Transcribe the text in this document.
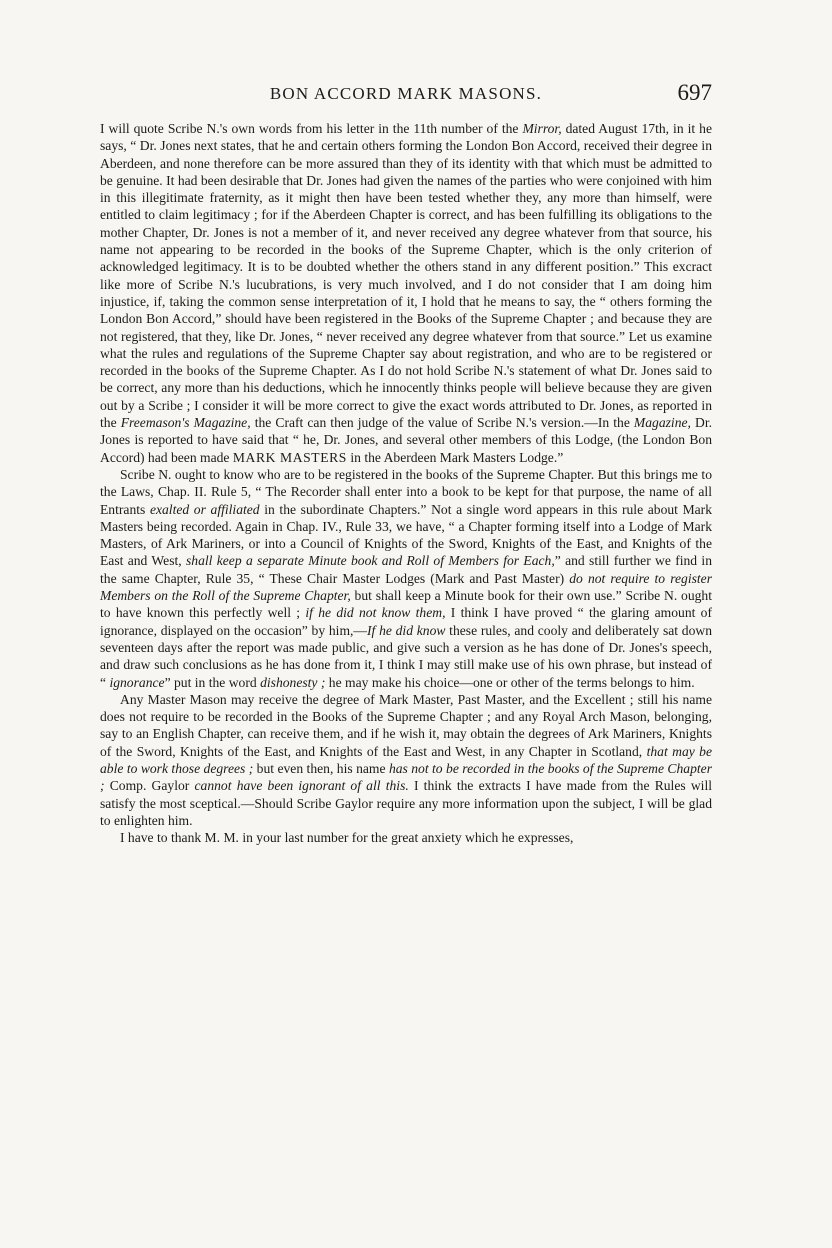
BON ACCORD MARK MASONS.	697

I will quote Scribe N.'s own words from his letter in the 11th number of the Mirror, dated August 17th, in it he says, “ Dr. Jones next states, that he and certain others forming the London Bon Accord, received their degree in Aberdeen, and none therefore can be more assured than they of its identity with that which must be admitted to be genuine. It had been desirable that Dr. Jones had given the names of the parties who were conjoined with him in this illegitimate fraternity, as it might then have been tested whether they, any more than himself, were entitled to claim legitimacy ; for if the Aberdeen Chapter is correct, and has been fulfilling its obligations to the mother Chapter, Dr. Jones is not a member of it, and never received any degree whatever from that source, his name not appearing to be recorded in the books of the Supreme Chapter, which is the only criterion of acknowledged legitimacy. It is to be doubted whether the others stand in any different position.” This excract like more of Scribe N.'s lucubrations, is very much involved, and I do not consider that I am doing him injustice, if, taking the common sense interpretation of it, I hold that he means to say, the “ others forming the London Bon Accord,” should have been registered in the Books of the Supreme Chapter ; and because they are not registered, that they, like Dr. Jones, “ never received any degree whatever from that source.” Let us examine what the rules and regulations of the Supreme Chapter say about registration, and who are to be registered or recorded in the books of the Supreme Chapter. As I do not hold Scribe N.'s statement of what Dr. Jones said to be correct, any more than his deductions, which he innocently thinks people will believe because they are given out by a Scribe ; I consider it will be more correct to give the exact words attributed to Dr. Jones, as reported in the Freemason's Magazine, the Craft can then judge of the value of Scribe N.'s version.—In the Magazine, Dr. Jones is reported to have said that “ he, Dr. Jones, and several other members of this Lodge, (the London Bon Accord) had been made MARK MASTERS in the Aberdeen Mark Masters Lodge.”

Scribe N. ought to know who are to be registered in the books of the Supreme Chapter. But this brings me to the Laws, Chap. II. Rule 5, “ The Recorder shall enter into a book to be kept for that purpose, the name of all Entrants exalted or affiliated in the subordinate Chapters.” Not a single word appears in this rule about Mark Masters being recorded. Again in Chap. IV., Rule 33, we have, “ a Chapter forming itself into a Lodge of Mark Masters, of Ark Mariners, or into a Council of Knights of the Sword, Knights of the East, and Knights of the East and West, shall keep a separate Minute book and Roll of Members for Each,” and still further we find in the same Chapter, Rule 35, “ These Chair Master Lodges (Mark and Past Master) do not require to register Members on the Roll of the Supreme Chapter, but shall keep a Minute book for their own use.” Scribe N. ought to have known this perfectly well ; if he did not know them, I think I have proved “ the glaring amount of ignorance, displayed on the occasion” by him,—If he did know these rules, and cooly and deliberately sat down seventeen days after the report was made public, and give such a version as he has done of Dr. Jones's speech, and draw such conclusions as he has done from it, I think I may still make use of his own phrase, but instead of “ ignorance” put in the word dishonesty ; he may make his choice—one or other of the terms belongs to him.

Any Master Mason may receive the degree of Mark Master, Past Master, and the Excellent ; still his name does not require to be recorded in the Books of the Supreme Chapter ; and any Royal Arch Mason, belonging, say to an English Chapter, can receive them, and if he wish it, may obtain the degrees of Ark Mariners, Knights of the Sword, Knights of the East, and Knights of the East and West, in any Chapter in Scotland, that may be able to work those degrees ; but even then, his name has not to be recorded in the books of the Supreme Chapter ; Comp. Gaylor cannot have been ignorant of all this. I think the extracts I have made from the Rules will satisfy the most sceptical.—Should Scribe Gaylor require any more information upon the subject, I will be glad to enlighten him.

I have to thank M. M. in your last number for the great anxiety which he expresses,
